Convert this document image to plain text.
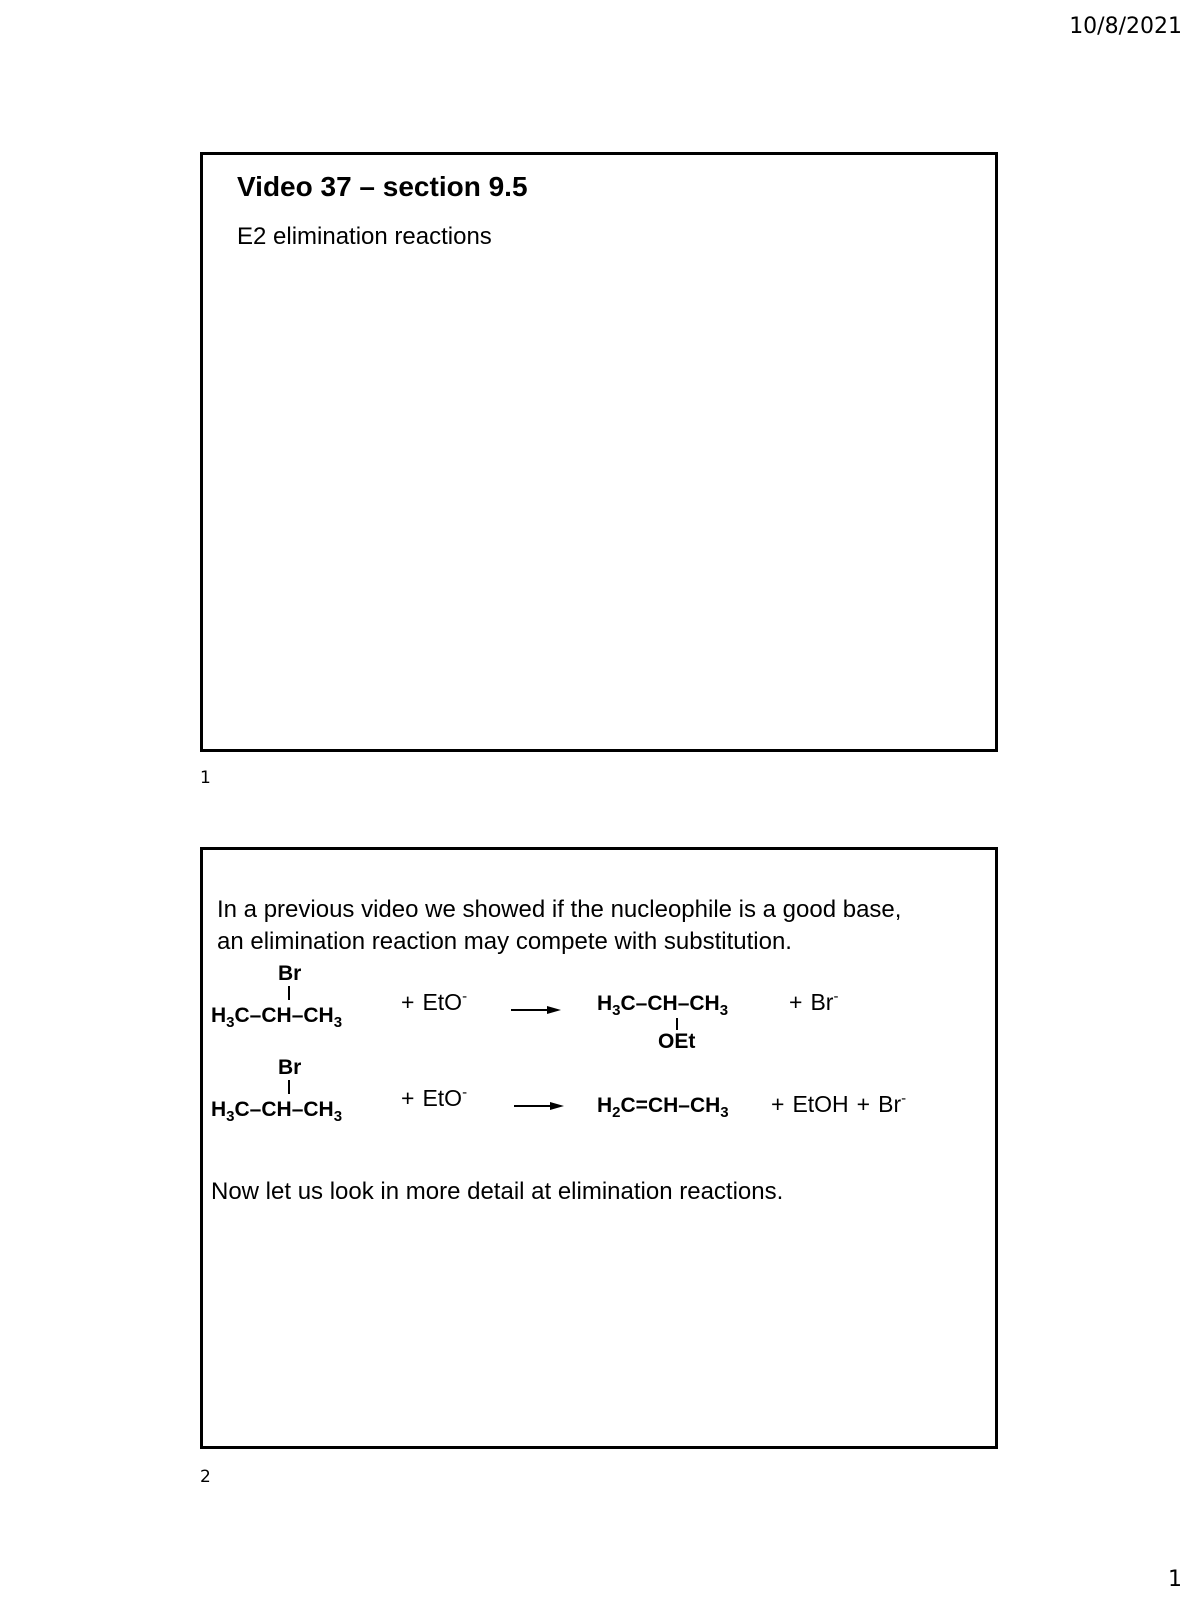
10/8/2021
Video 37 – section 9.5
E2 elimination reactions
1
In a previous video we showed if the nucleophile is a good base,
an elimination reaction may compete with substitution.
Br
$H_3C-CH-CH_3$
+ EtO-	$H_3C-CH-CH_3$
OEt
+ Br-
Br
$H_3C-CH-CH_3$
+ EtO-
$H_2C=CH-CH_3$ + EtOH + Br-
Now let us look in more detail at elimination reactions.
2
1
